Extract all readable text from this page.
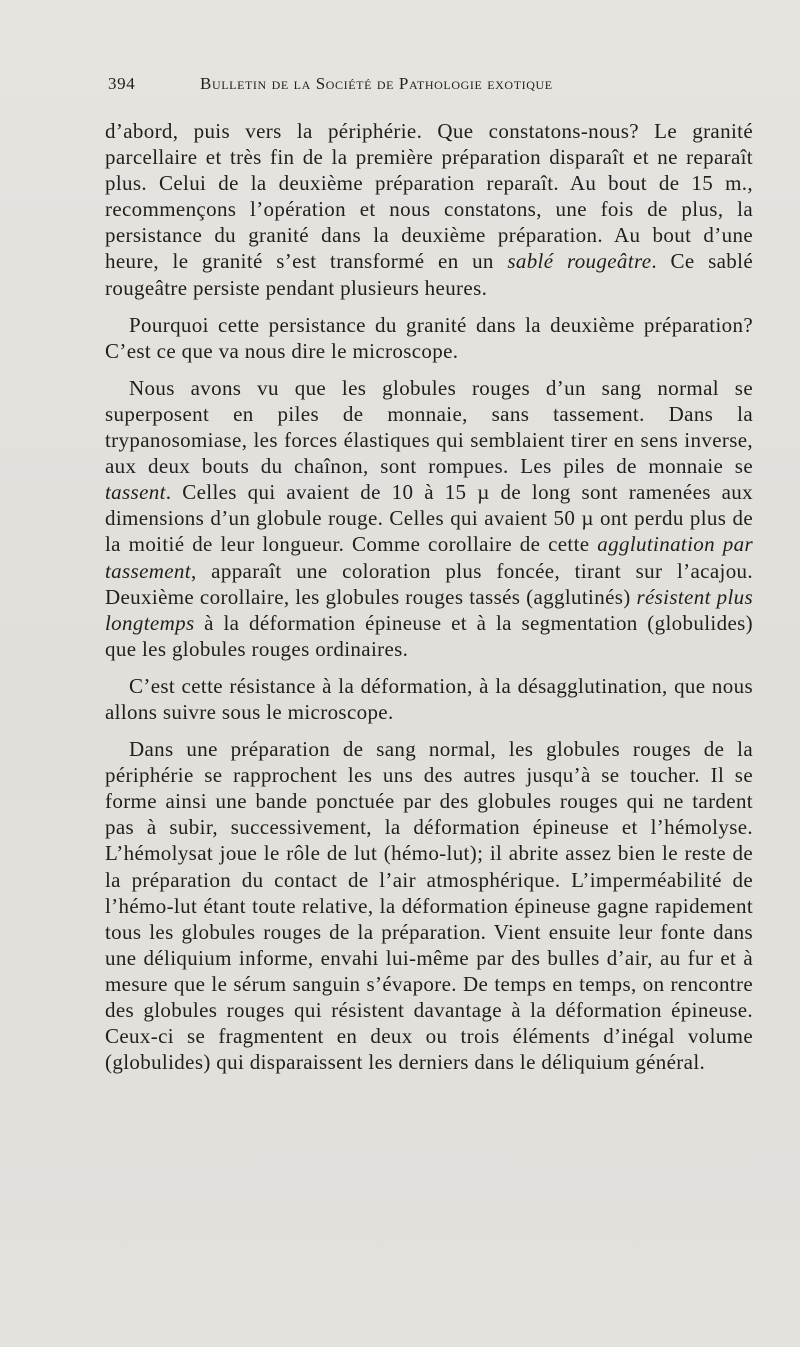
394	Bulletin de la Société de Pathologie exotique

d’abord, puis vers la périphérie. Que constatons-nous? Le granité parcellaire et très fin de la première préparation disparaît et ne reparaît plus. Celui de la deuxième préparation reparaît. Au bout de 15 m., recommençons l’opération et nous constatons, une fois de plus, la persistance du granité dans la deuxième préparation. Au bout d’une heure, le granité s’est transformé en un sablé rougeâtre. Ce sablé rougeâtre persiste pendant plusieurs heures.

Pourquoi cette persistance du granité dans la deuxième préparation? C’est ce que va nous dire le microscope.

Nous avons vu que les globules rouges d’un sang normal se superposent en piles de monnaie, sans tassement. Dans la trypanosomiase, les forces élastiques qui semblaient tirer en sens inverse, aux deux bouts du chaînon, sont rompues. Les piles de monnaie se tassent. Celles qui avaient de 10 à 15 µ de long sont ramenées aux dimensions d’un globule rouge. Celles qui avaient 50 µ ont perdu plus de la moitié de leur longueur. Comme corollaire de cette agglutination par tassement, apparaît une coloration plus foncée, tirant sur l’acajou. Deuxième corollaire, les globules rouges tassés (agglutinés) résistent plus longtemps à la déformation épineuse et à la segmentation (globulides) que les globules rouges ordinaires.

C’est cette résistance à la déformation, à la désagglutination, que nous allons suivre sous le microscope.

Dans une préparation de sang normal, les globules rouges de la périphérie se rapprochent les uns des autres jusqu’à se toucher. Il se forme ainsi une bande ponctuée par des globules rouges qui ne tardent pas à subir, successivement, la déformation épineuse et l’hémolyse. L’hémolysat joue le rôle de lut (hémo-lut); il abrite assez bien le reste de la préparation du contact de l’air atmosphérique. L’imperméabilité de l’hémo-lut étant toute relative, la déformation épineuse gagne rapidement tous les globules rouges de la préparation. Vient ensuite leur fonte dans une déliquium informe, envahi lui-même par des bulles d’air, au fur et à mesure que le sérum sanguin s’évapore. De temps en temps, on rencontre des globules rouges qui résistent davantage à la déformation épineuse. Ceux-ci se fragmentent en deux ou trois éléments d’inégal volume (globulides) qui disparaissent les derniers dans le déliquium général.
